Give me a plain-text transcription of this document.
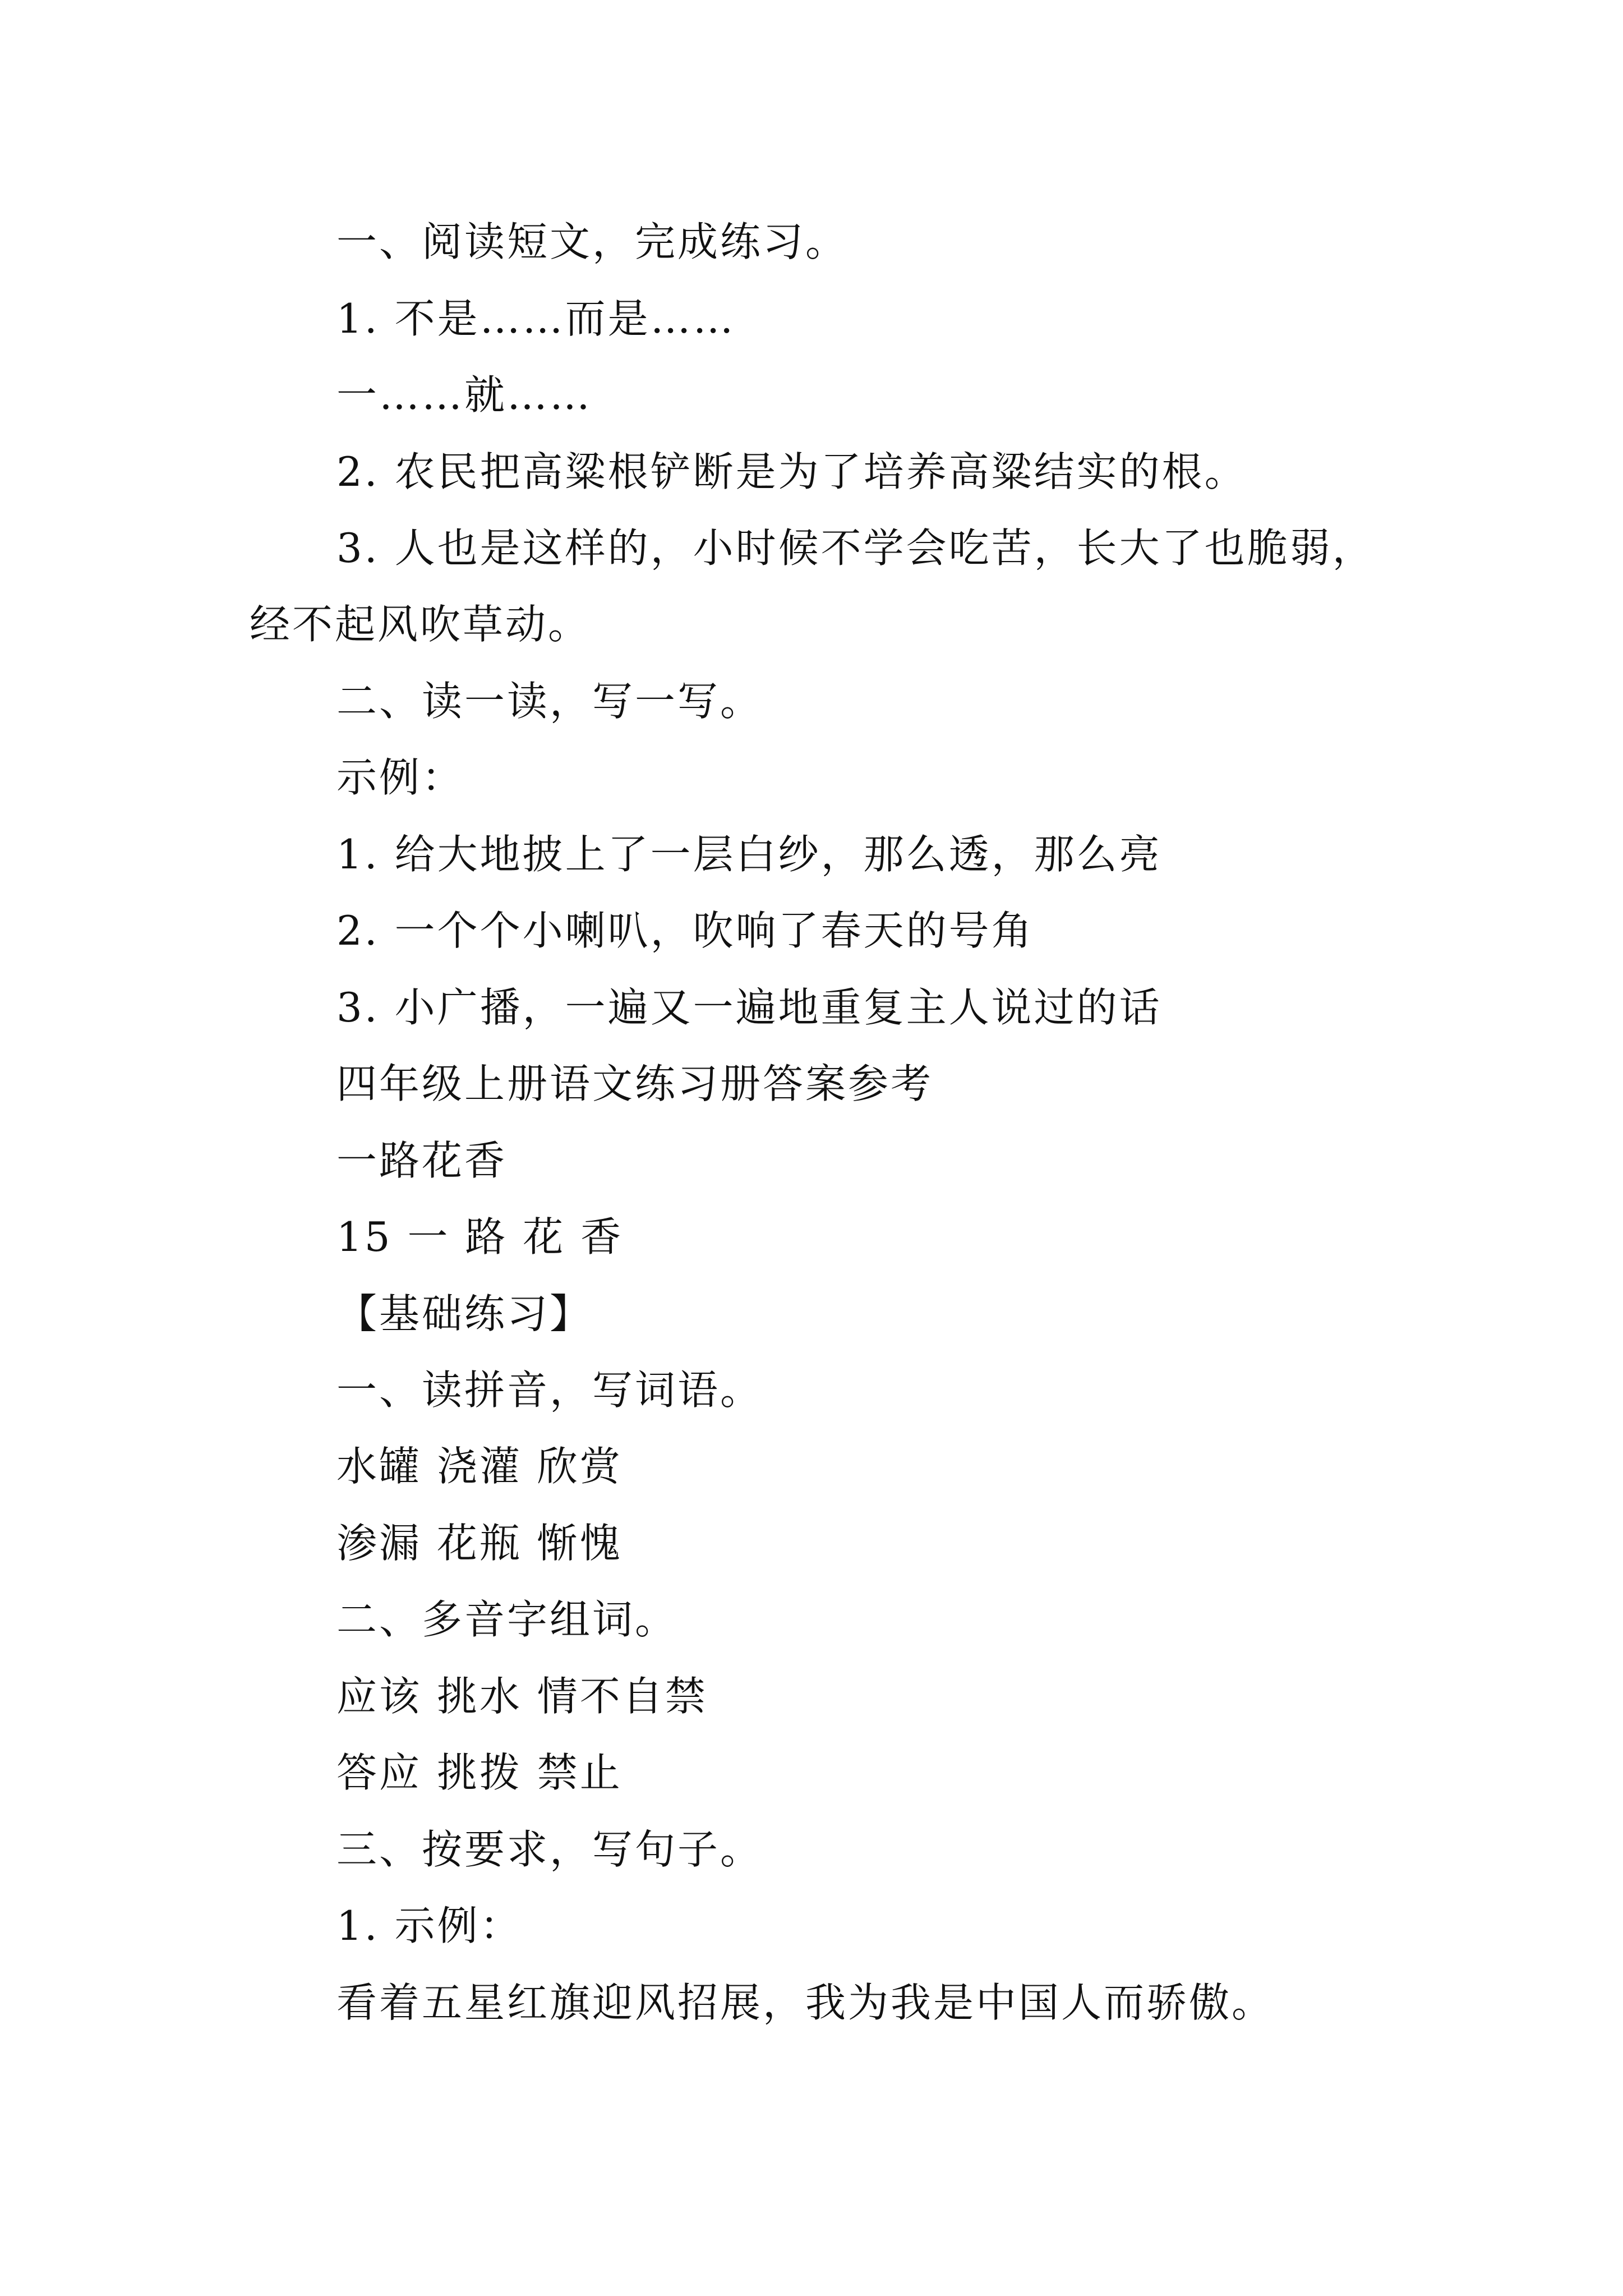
一、阅读短文，完成练习。
1. 不是……而是……
一……就……
2. 农民把高粱根铲断是为了培养高粱结实的根。
3. 人也是这样的，小时候不学会吃苦，长大了也脆弱，
经不起风吹草动。
二、读一读，写一写。
示例：
1. 给大地披上了一层白纱，那么透，那么亮
2. 一个个小喇叭，吹响了春天的号角
3. 小广播，一遍又一遍地重复主人说过的话
四年级上册语文练习册答案参考
一路花香
15 一 路 花 香
【基础练习】
一、读拼音，写词语。
水罐 浇灌 欣赏
渗漏 花瓶 惭愧
二、多音字组词。
应该 挑水 情不自禁
答应 挑拨 禁止
三、按要求，写句子。
1. 示例：
看着五星红旗迎风招展，我为我是中国人而骄傲。
